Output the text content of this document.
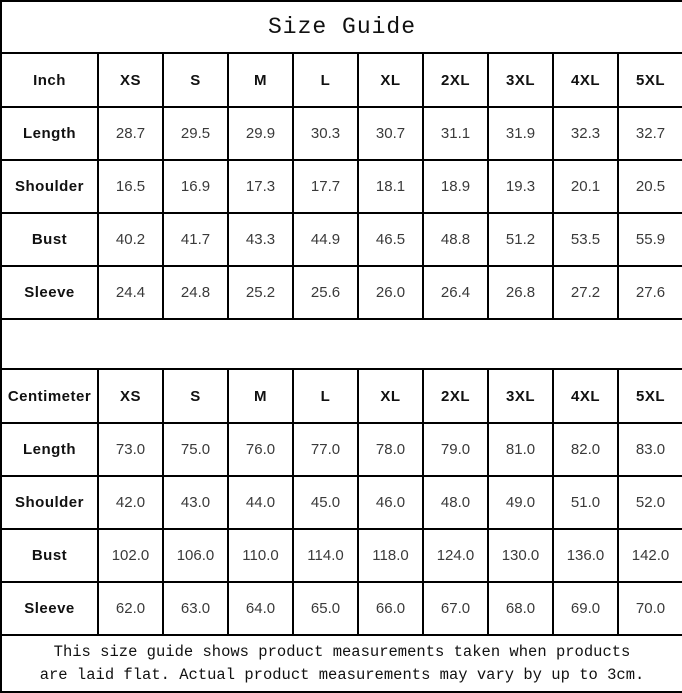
Size Guide									
Inch	XS	S	M	L	XL	2XL	3XL	4XL	5XL
Length	28.7	29.5	29.9	30.3	30.7	31.1	31.9	32.3	32.7
Shoulder	16.5	16.9	17.3	17.7	18.1	18.9	19.3	20.1	20.5
Bust	40.2	41.7	43.3	44.9	46.5	48.8	51.2	53.5	55.9
Sleeve	24.4	24.8	25.2	25.6	26.0	26.4	26.8	27.2	27.6

Centimeter	XS	S	M	L	XL	2XL	3XL	4XL	5XL
Length	73.0	75.0	76.0	77.0	78.0	79.0	81.0	82.0	83.0
Shoulder	42.0	43.0	44.0	45.0	46.0	48.0	49.0	51.0	52.0
Bust	102.0	106.0	110.0	114.0	118.0	124.0	130.0	136.0	142.0
Sleeve	62.0	63.0	64.0	65.0	66.0	67.0	68.0	69.0	70.0

This size guide shows product measurements taken when products
are laid flat. Actual product measurements may vary by up to 3cm.									
